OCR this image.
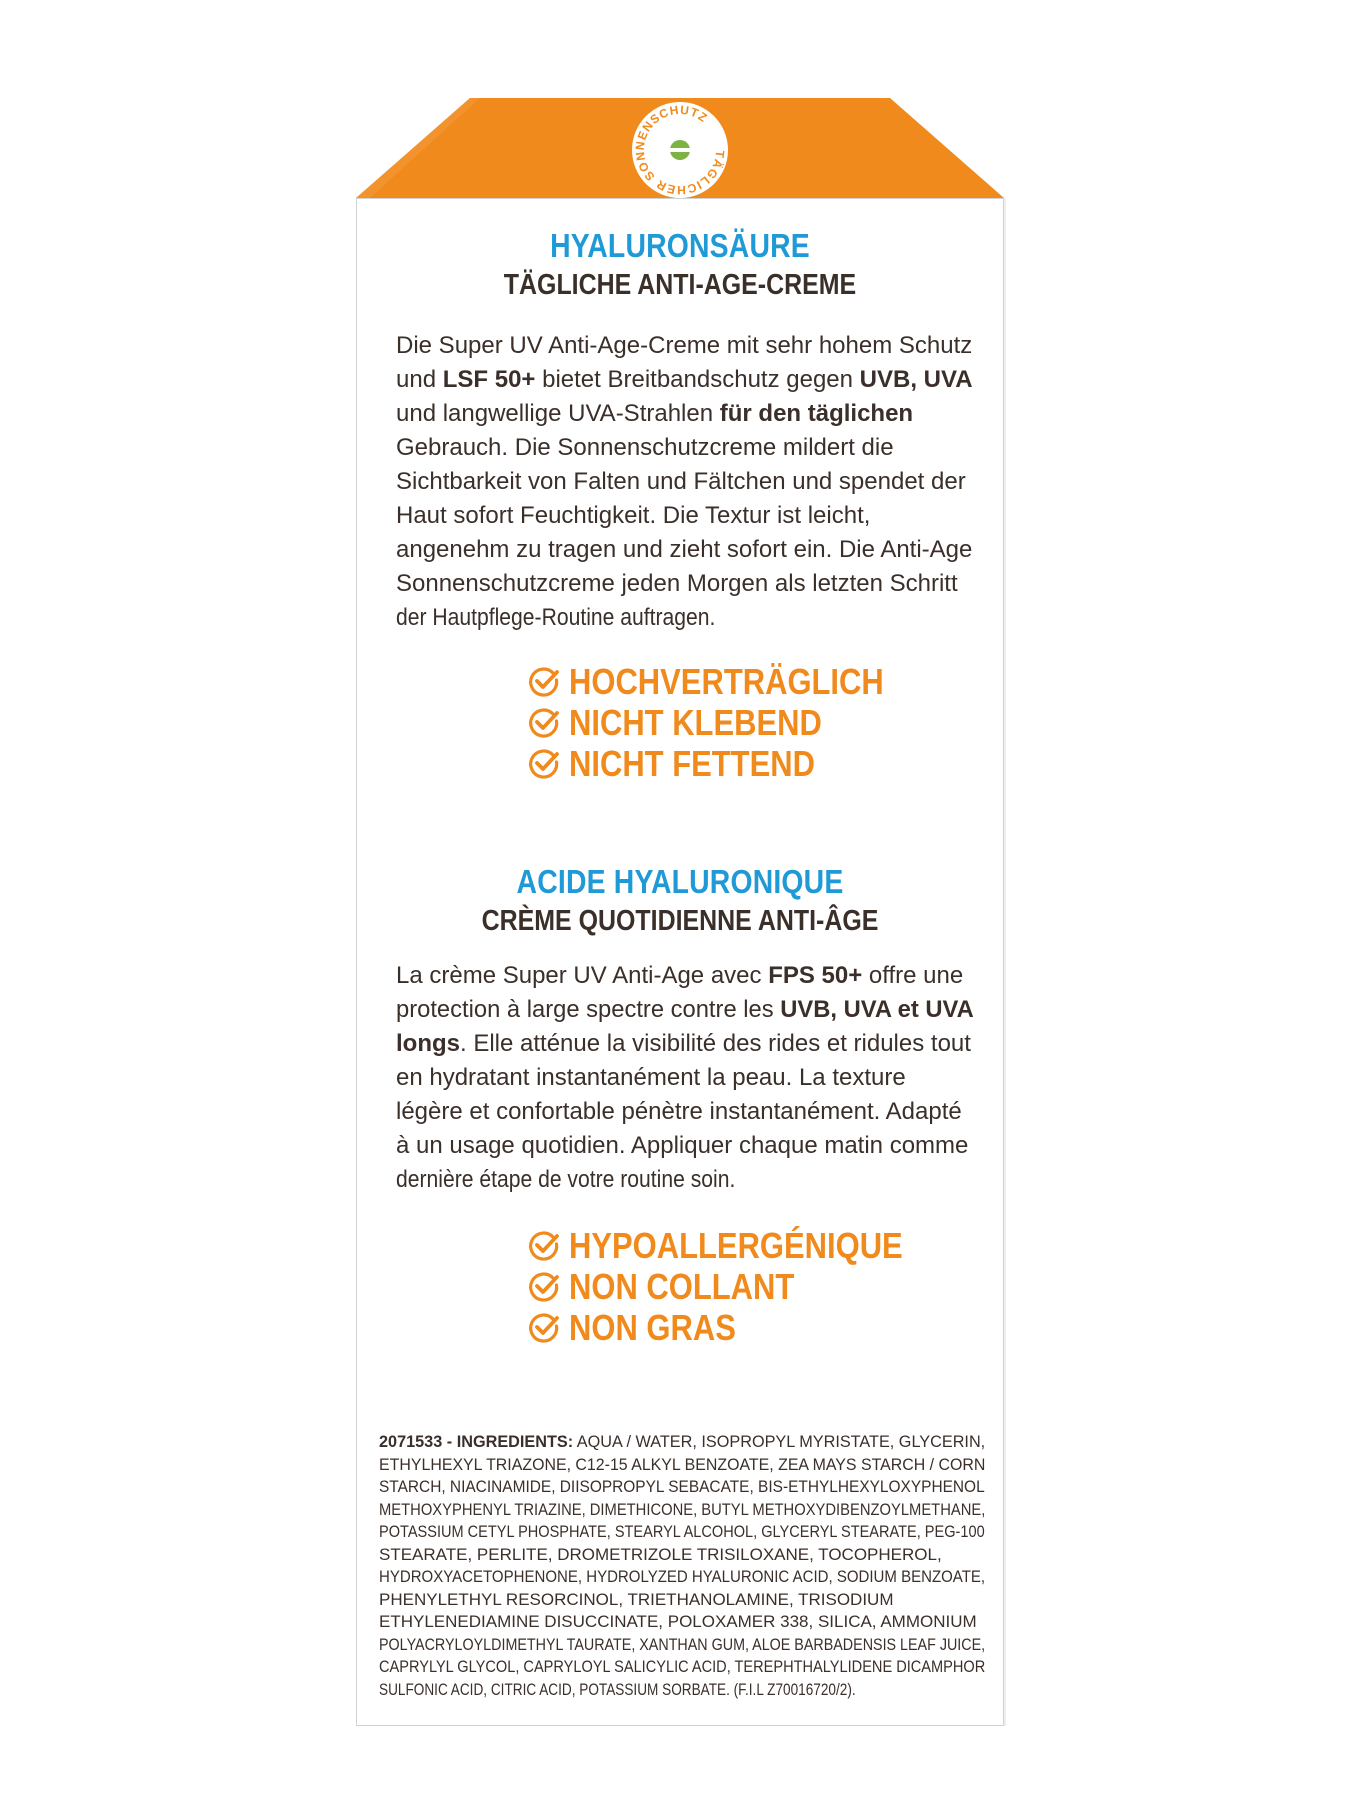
TÄGLICHER SONNENSCHUTZ
HYALURONSÄURE
TÄGLICHE ANTI-AGE-CREME
Die Super UV Anti-Age-Creme mit sehr hohem Schutz
und LSF 50+ bietet Breitbandschutz gegen UVB, UVA
und langwellige UVA-Strahlen für den täglichen
Gebrauch. Die Sonnenschutzcreme mildert die
Sichtbarkeit von Falten und Fältchen und spendet der
Haut sofort Feuchtigkeit. Die Textur ist leicht,
angenehm zu tragen und zieht sofort ein. Die Anti-Age
Sonnenschutzcreme jeden Morgen als letzten Schritt
der Hautpflege-Routine auftragen.
HOCHVERTRÄGLICH
NICHT KLEBEND
NICHT FETTEND
ACIDE HYALURONIQUE
CRÈME QUOTIDIENNE ANTI-ÂGE
La crème Super UV Anti-Age avec FPS 50+ offre une
protection à large spectre contre les UVB, UVA et UVA
longs. Elle atténue la visibilité des rides et ridules tout
en hydratant instantanément la peau. La texture
légère et confortable pénètre instantanément. Adapté
à un usage quotidien. Appliquer chaque matin comme
dernière étape de votre routine soin.
HYPOALLERGÉNIQUE
NON COLLANT
NON GRAS
2071533 - INGREDIENTS: AQUA / WATER, ISOPROPYL MYRISTATE, GLYCERIN,
ETHYLHEXYL TRIAZONE, C12-15 ALKYL BENZOATE, ZEA MAYS STARCH / CORN
STARCH, NIACINAMIDE, DIISOPROPYL SEBACATE, BIS-ETHYLHEXYLOXYPHENOL
METHOXYPHENYL TRIAZINE, DIMETHICONE, BUTYL METHOXYDIBENZOYLMETHANE,
POTASSIUM CETYL PHOSPHATE, STEARYL ALCOHOL, GLYCERYL STEARATE, PEG-100
STEARATE, PERLITE, DROMETRIZOLE TRISILOXANE, TOCOPHEROL,
HYDROXYACETOPHENONE, HYDROLYZED HYALURONIC ACID, SODIUM BENZOATE,
PHENYLETHYL RESORCINOL, TRIETHANOLAMINE, TRISODIUM
ETHYLENEDIAMINE DISUCCINATE, POLOXAMER 338, SILICA, AMMONIUM
POLYACRYLOYLDIMETHYL TAURATE, XANTHAN GUM, ALOE BARBADENSIS LEAF JUICE,
CAPRYLYL GLYCOL, CAPRYLOYL SALICYLIC ACID, TEREPHTHALYLIDENE DICAMPHOR
SULFONIC ACID, CITRIC ACID, POTASSIUM SORBATE. (F.I.L Z70016720/2).
